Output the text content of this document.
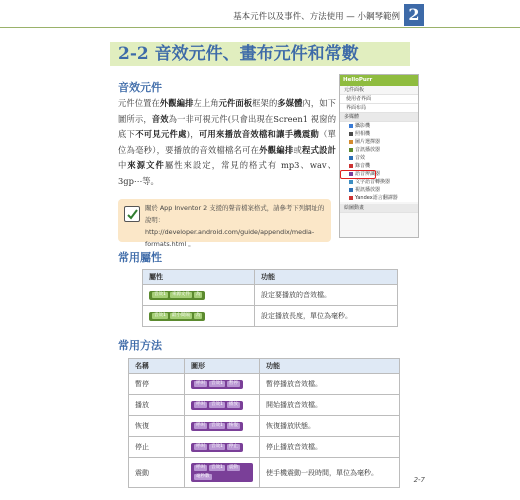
基本元件以及事件、方法使用 — 小鋼琴範例 2
2-2 音效元件、畫布元件和常數
音效元件

元件位置在外觀編排左上角元件面板框架的多媒體內，如下圖所示，音效為一非可視元件(只會出現在Screen1 視窗的底下不可見元件處)，可用來播放音效檔和讓手機震動（單位為毫秒），要播放的音效檔檔名可在外觀編排或程式設計中來源文件屬性來設定，常見的格式有 mp3、wav、3gp⋯等。

HelloPurr
元件面板
使用者界面
界面布局
多媒體
攝影機
照相機
圖片選擇器
音訊播放器
音效
錄音機
語音辨識器
文字語音轉換器
視訊播放器
Yandex語言翻譯器
絵圖動畫

關於 App Inventor 2 支援的聲音檔案格式，請參考下列網址的說明：http://developer.android.com/guide/appendix/media-formats.html 。

常用屬性
屬性	功能
音效1 來源文件 為	設定要播放的音效檔。
音效1 最小間隔 為	設定播放長度，單位為毫秒。
常用方法
名稱	圖形	功能
暫停	呼叫 音效1 暫停	暫停播放音效檔。
播放	呼叫 音效1 播放	開始播放音效檔。
恢復	呼叫 音效1 恢復	恢復播放狀態。
停止	呼叫 音效1 停止	停止播放音效檔。
震動	呼叫 音效1 震動毫秒數	使手機震動一段時間，單位為毫秒。
2-7
